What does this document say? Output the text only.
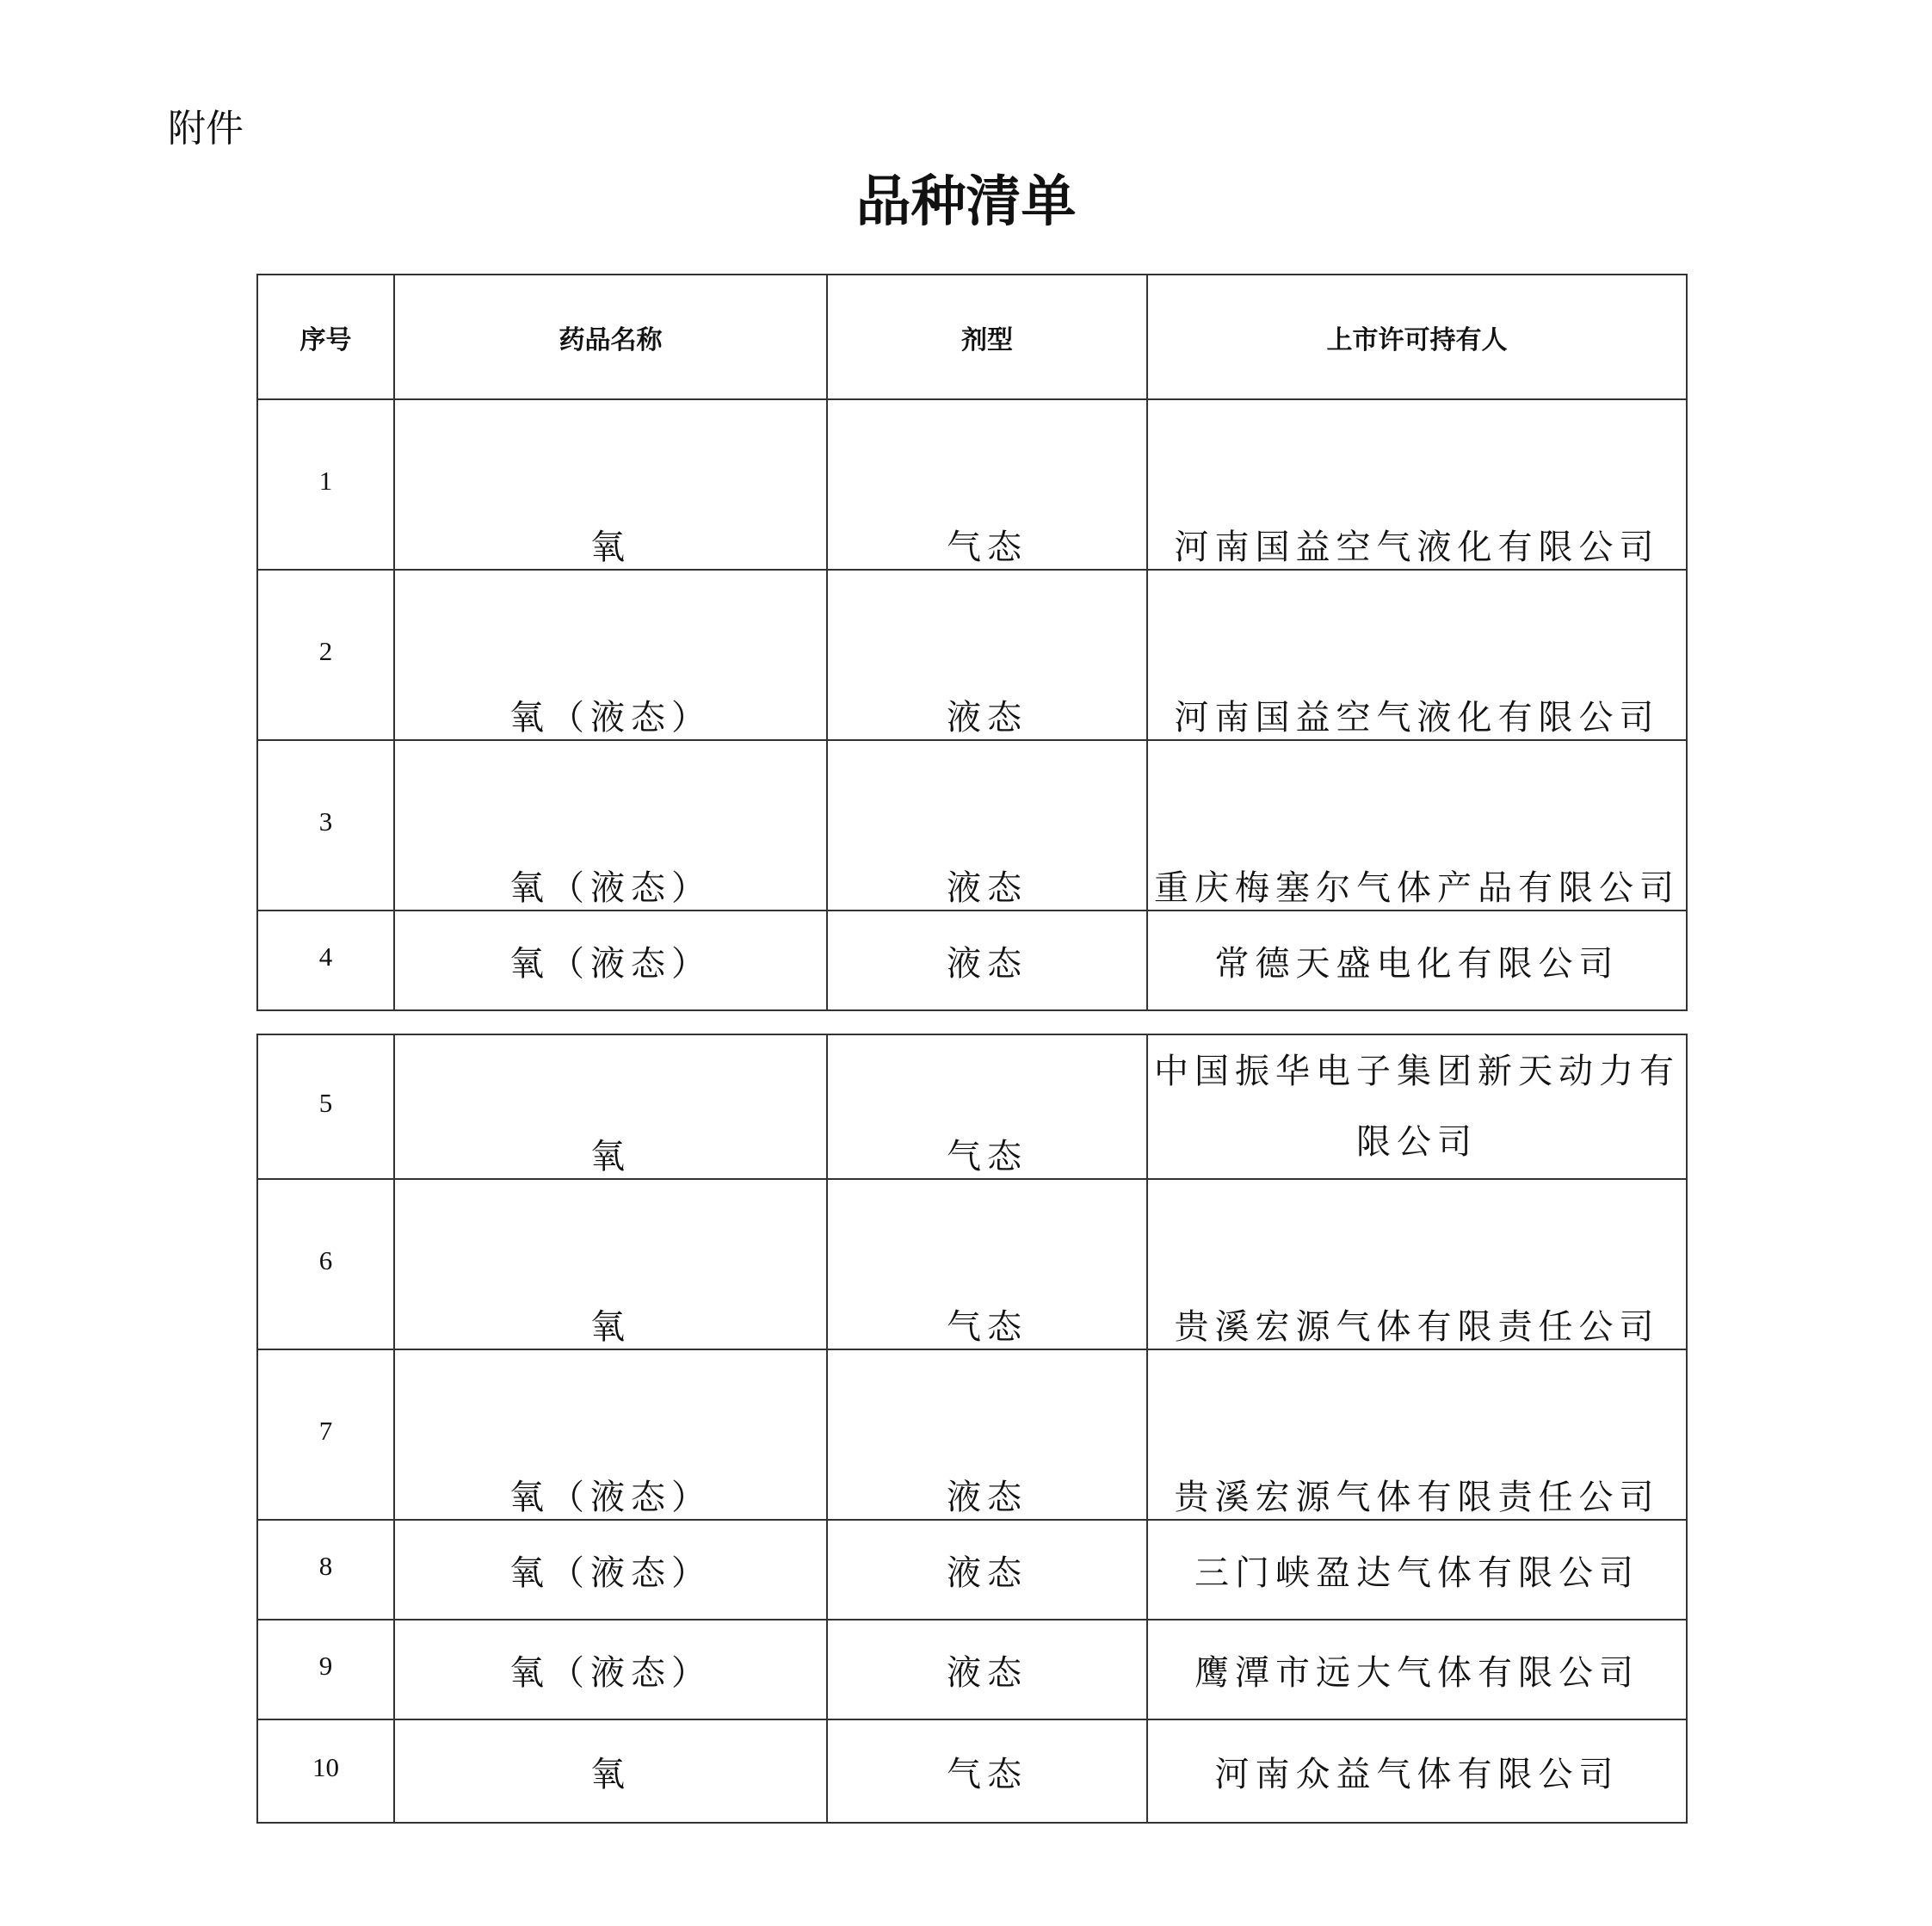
附件
品种清单
序号	药品名称	剂型	上市许可持有人
1	氧	气态	河南国益空气液化有限公司
2	氧（液态）	液态	河南国益空气液化有限公司
3	氧（液态）	液态	重庆梅塞尔气体产品有限公司
4	氧（液态）	液态	常德天盛电化有限公司
5	氧	气态	中国振华电子集团新天动力有限公司
6	氧	气态	贵溪宏源气体有限责任公司
7	氧（液态）	液态	贵溪宏源气体有限责任公司
8	氧（液态）	液态	三门峡盈达气体有限公司
9	氧（液态）	液态	鹰潭市远大气体有限公司
10	氧	气态	河南众益气体有限公司
